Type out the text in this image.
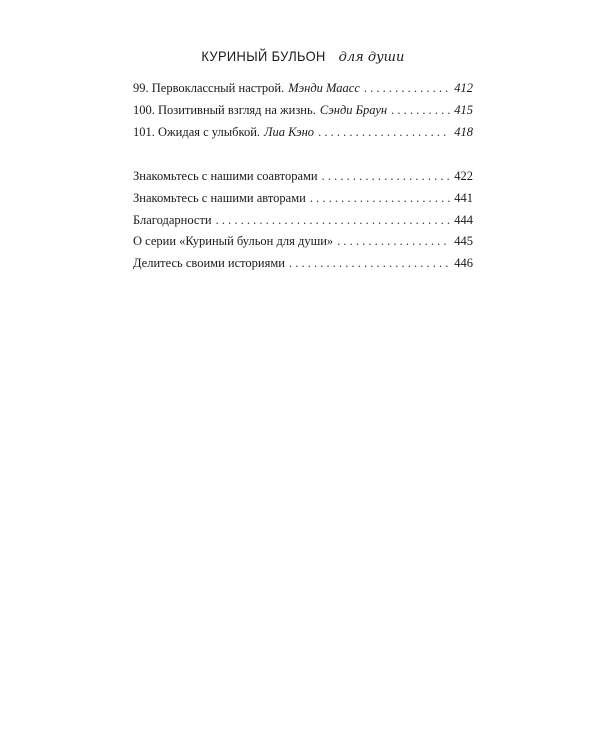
КУРИНЫЙ БУЛЬОН для души
99. Первоклассный настрой. Мэнди Маасс . . .	412
100. Позитивный взгляд на жизнь. Сэнди Браун . . .	415
101. Ожидая с улыбкой. Лиа Кэно . . .	418
Знакомьтесь с нашими соавторами . . .	422
Знакомьтесь с нашими авторами . . .	441
Благодарности . . .	444
О серии «Куриный бульон для души» . . .	445
Делитесь своими историями . . .	446
